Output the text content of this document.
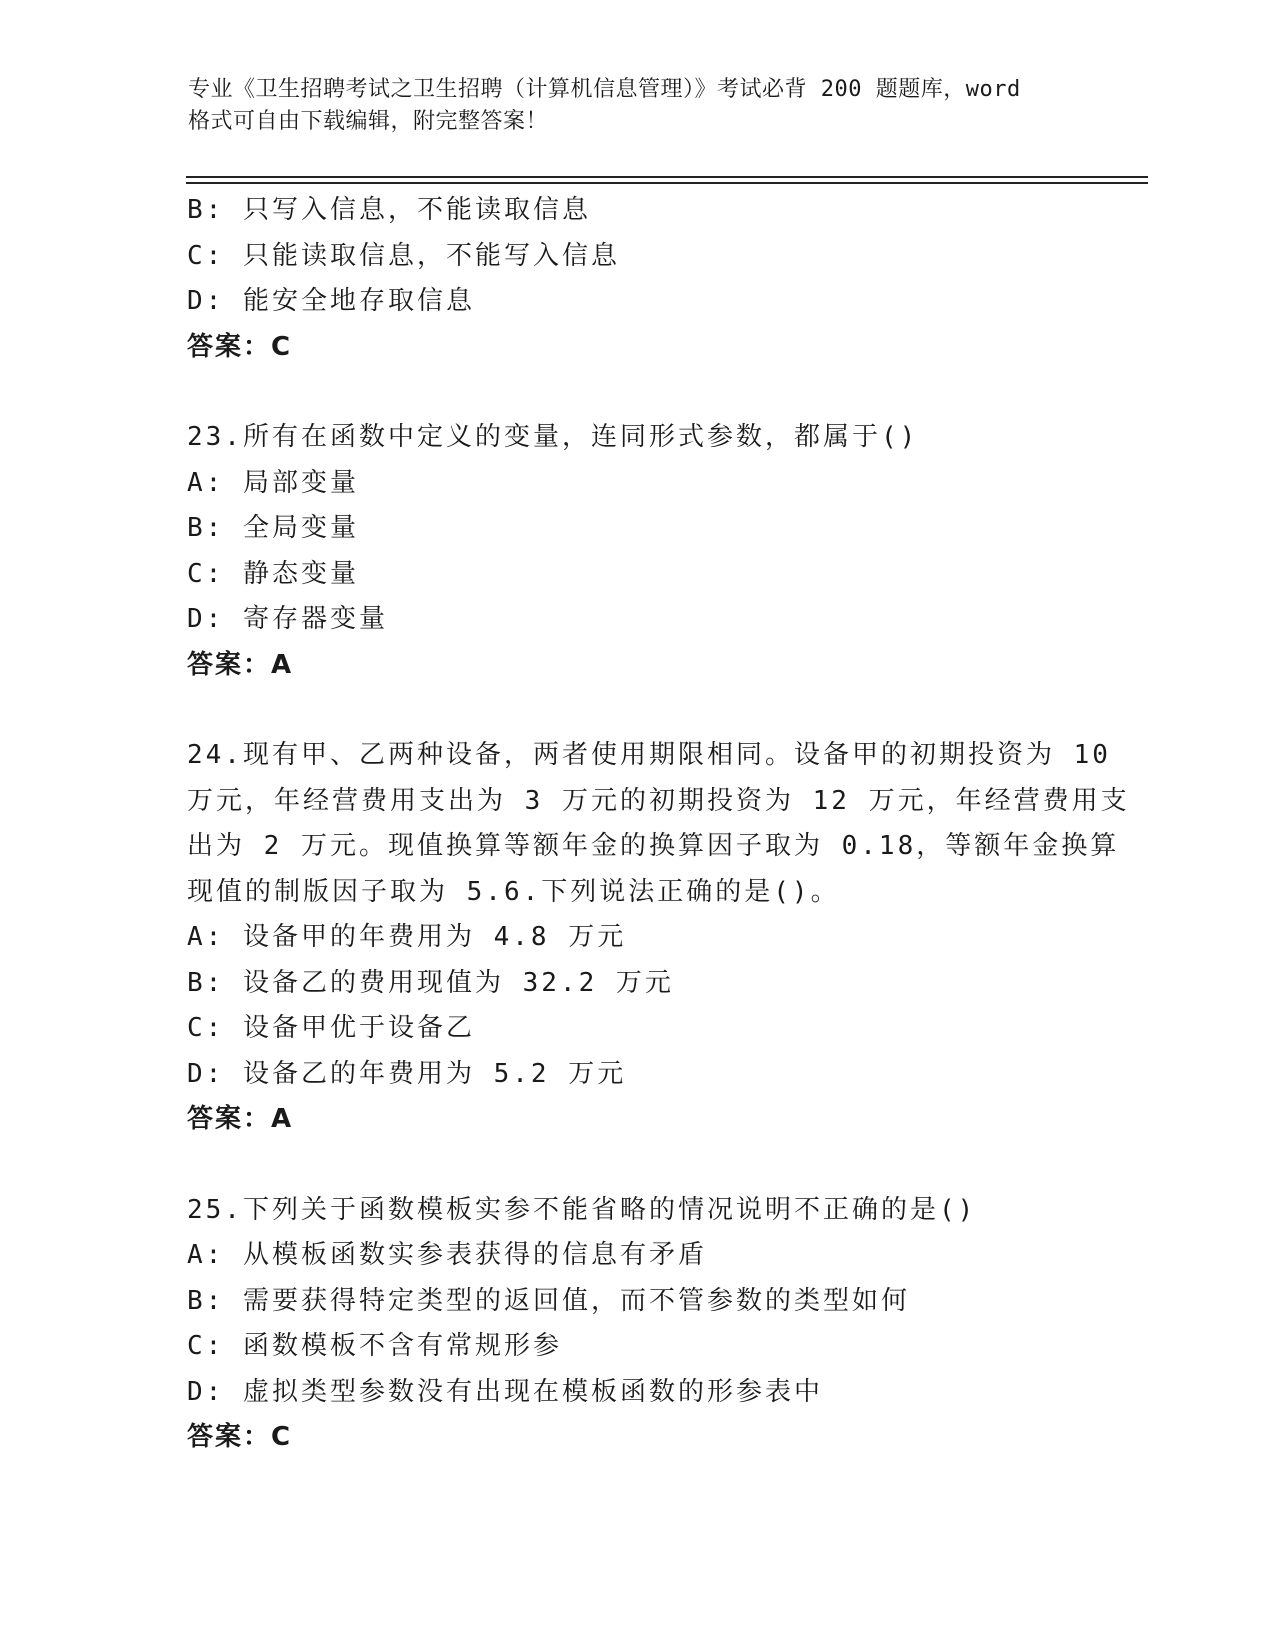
专业《卫生招聘考试之卫生招聘（计算机信息管理）》考试必背 200 题题库，word
格式可自由下载编辑，附完整答案！
B: 只写入信息，不能读取信息
C: 只能读取信息，不能写入信息
D: 能安全地存取信息
答案：C
23.所有在函数中定义的变量，连同形式参数，都属于()
A: 局部变量
B: 全局变量
C: 静态变量
D: 寄存器变量
答案：A
24.现有甲、乙两种设备，两者使用期限相同。设备甲的初期投资为 10
万元，年经营费用支出为 3 万元的初期投资为 12 万元，年经营费用支
出为 2 万元。现值换算等额年金的换算因子取为 0.18，等额年金换算
现值的制版因子取为 5.6.下列说法正确的是()。
A: 设备甲的年费用为 4.8 万元
B: 设备乙的费用现值为 32.2 万元
C: 设备甲优于设备乙
D: 设备乙的年费用为 5.2 万元
答案：A
25.下列关于函数模板实参不能省略的情况说明不正确的是()
A: 从模板函数实参表获得的信息有矛盾
B: 需要获得特定类型的返回值，而不管参数的类型如何
C: 函数模板不含有常规形参
D: 虚拟类型参数没有出现在模板函数的形参表中
答案：C
